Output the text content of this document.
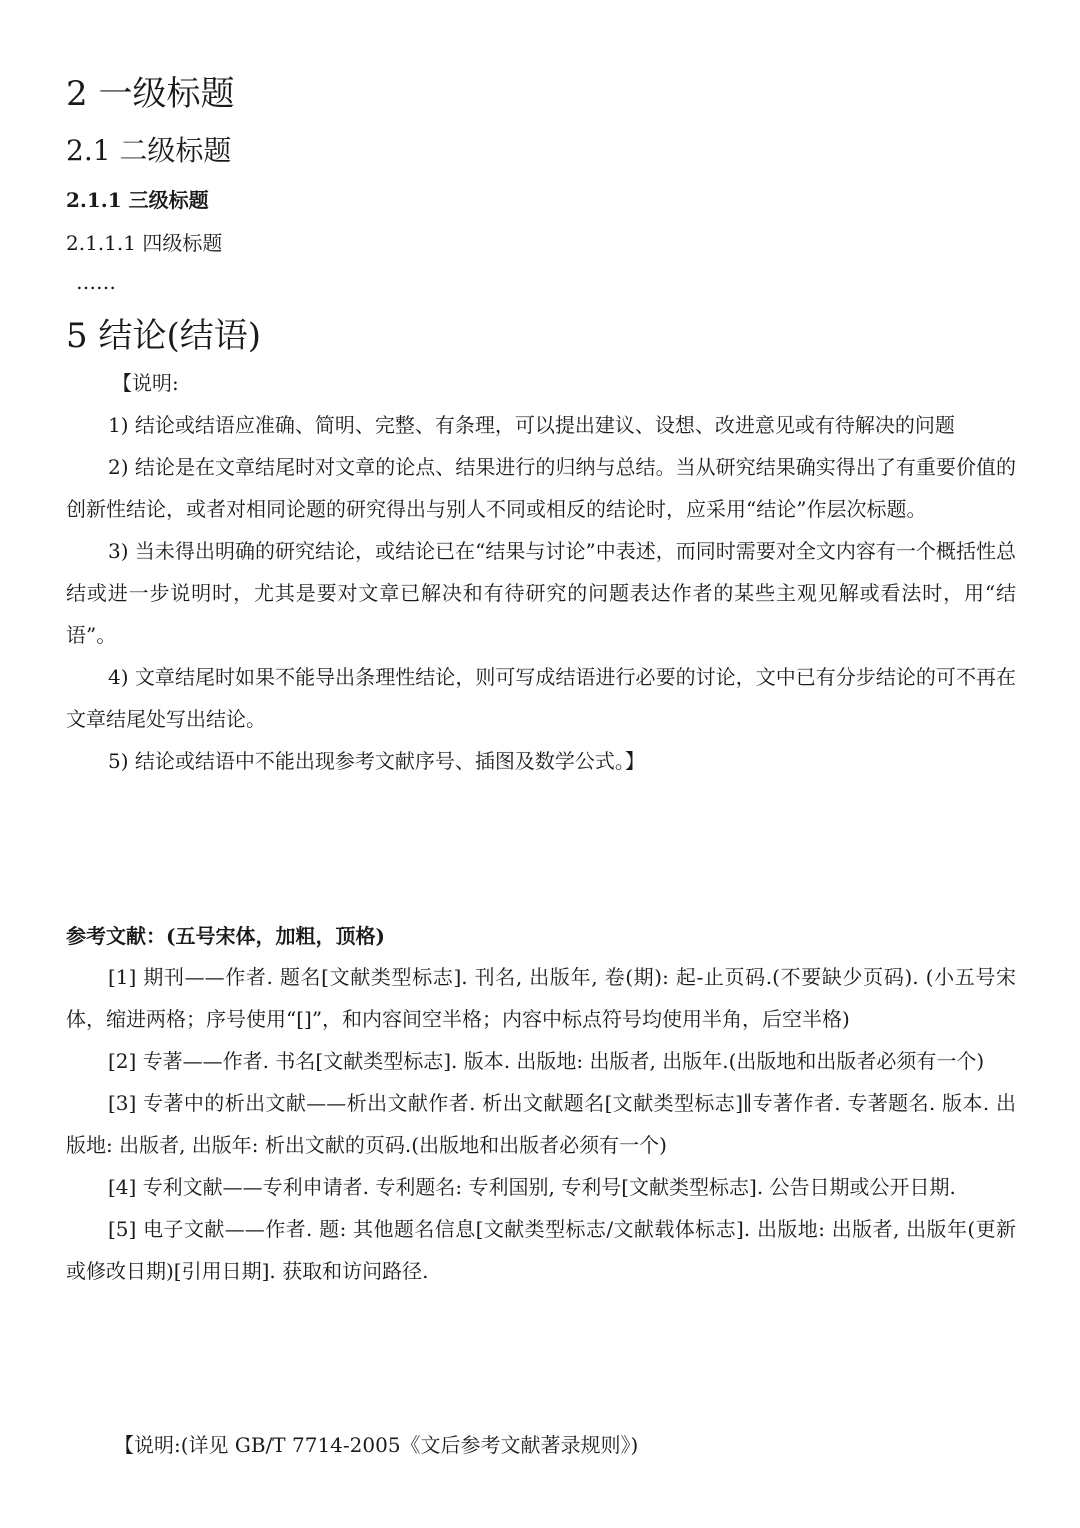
2 一级标题
2.1 二级标题
2.1.1 三级标题
2.1.1.1 四级标题
……
5 结论(结语)

【说明:

1) 结论或结语应准确、简明、完整、有条理，可以提出建议、设想、改进意见或有待解决的问题

2) 结论是在文章结尾时对文章的论点、结果进行的归纳与总结。当从研究结果确实得出了有重要价值的创新性结论，或者对相同论题的研究得出与别人不同或相反的结论时，应采用“结论”作层次标题。

3) 当未得出明确的研究结论，或结论已在“结果与讨论”中表述，而同时需要对全文内容有一个概括性总结或进一步说明时，尤其是要对文章已解决和有待研究的问题表达作者的某些主观见解或看法时，用“结语”。

4) 文章结尾时如果不能导出条理性结论，则可写成结语进行必要的讨论，文中已有分步结论的可不再在文章结尾处写出结论。

5) 结论或结语中不能出现参考文献序号、插图及数学公式。】

参考文献：(五号宋体，加粗，顶格)

[1] 期刊——作者. 题名[文献类型标志]. 刊名, 出版年, 卷(期): 起-止页码.(不要缺少页码). (小五号宋体，缩进两格；序号使用“[]”，和内容间空半格；内容中标点符号均使用半角，后空半格)

[2] 专著——作者. 书名[文献类型标志]. 版本. 出版地: 出版者, 出版年.(出版地和出版者必须有一个)

[3] 专著中的析出文献——析出文献作者. 析出文献题名[文献类型标志]∥专著作者. 专著题名. 版本. 出版地: 出版者, 出版年: 析出文献的页码.(出版地和出版者必须有一个)

[4] 专利文献——专利申请者. 专利题名: 专利国别, 专利号[文献类型标志]. 公告日期或公开日期.

[5] 电子文献——作者. 题: 其他题名信息[文献类型标志/文献载体标志]. 出版地: 出版者, 出版年(更新或修改日期)[引用日期]. 获取和访问路径.

【说明:(详见 GB/T 7714-2005《文后参考文献著录规则》)
